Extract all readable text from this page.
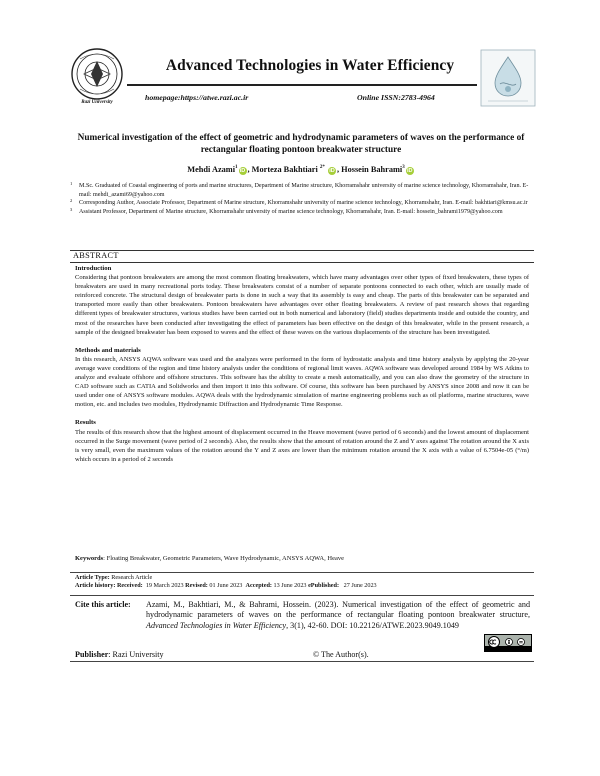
Razi University
Advanced Technologies in Water Efficiency
homepage:https://atwe.razi.ac.ir	Online ISSN:2783-4964
Numerical investigation of the effect of geometric and hydrodynamic parameters of waves on the performance of rectangular floating pontoon breakwater structure
Mehdi Azami$^1$iD , Morteza Bakhtiari $^{2*}$ iD , Hossein Bahrami$^3$iD
1 M.Sc. Graduated of Coastal engineering of ports and marine structures, Department of Marine structure, Khorramshahr university of marine science technology, Khorramshahr, Iran. E-mail: mehdi_azami69@yahoo.com
2 Corresponding Author, Associate Professor, Department of Marine structure, Khorramshahr university of marine science technology, Khorramshahr, Iran. E-mail: bakhtiari@kmsu.ac.ir
3 Assistant Professor, Department of Marine structure, Khorramshahr university of marine science technology, Khorramshahr, Iran. E-mail: hossein_bahrami1979@yahoo.com
ABSTRACT
Introduction

Considering that pontoon breakwaters are among the most common floating breakwaters, which have many advantages over other types of fixed breakwaters, these types of breakwaters are used in many recreational ports today. These breakwaters consist of a number of separate pontoons connected to each other, which are usually made of reinforced concrete. The structural design of breakwater parts is done in such a way that its assembly is easy and cheap. The parts of this breakwater can be separated and transported more easily than other breakwaters. Pontoon breakwaters have advantages over other floating breakwaters. A review of past research shows that regarding different types of breakwater structures, various studies have been carried out in both numerical and laboratory (field) studies departments inside and outside the country, and most of the researches have been conducted after investigating the effect of parameters has been effective on the design of this breakwater, while in the present research, a sample of the designed breakwater has been exposed to waves and the effect of these waves on the various displacements of the structure has been investigated.

Methods and materials

In this research, ANSYS AQWA software was used and the analyzes were performed in the form of hydrostatic analysis and time history analysis by applying the 20-year average wave conditions of the region and time history analysis under the conditions of regional limit waves. AQWA software was developed around 1984 by WS Atkins to analyze and evaluate offshore and offshore structures. This software has the ability to create a mesh automatically, and you can also draw the geometry of the structure in CAD software such as CATIA and Solidworks and then import it into this software. Of course, this software has been purchased by ANSYS since 2008 and now it can be used under one of ANSYS software modules. AQWA deals with the hydrodynamic simulation of marine engineering problems such as oil platforms, marine structures, wave motion, etc. and includes two modules, Hydrodynamic Diffraction and Hydrodynamic Time Response.

Results

The results of this research show that the highest amount of displacement occurred in the Heave movement (wave period of 6 seconds) and the lowest amount of displacement occurred in the Surge movement (wave period of 2 seconds). Also, the results show that the amount of rotation around the Z and Y axes against The rotation around the X axis is very small, even the maximum values of the rotation around the Y and Z axes are lower than the minimum rotation around the X axis with a value of 6.7504e-05 (°/m) which occurs in a period of 2 seconds

Keywords: Floating Breakwater, Geometric Parameters, Wave Hydrodynamic, ANSYS AQWA, Heave
Article Type: Research Article
Article history: Received: 19 March 2023 Revised: 01 June 2023 Accepted: 13 June 2023 ePublished: 27 June 2023
Cite this article: Azami, M., Bakhtiari, M., & Bahrami, Hossein. (2023). Numerical investigation of the effect of geometric and hydrodynamic parameters of waves on the performance of rectangular floating pontoon breakwater structure, Advanced Technologies in Water Efficiency, 3(1), 42-60. DOI: 10.22126/ATWE.2023.9049.1049
Publisher: Razi University	© The Author(s).
